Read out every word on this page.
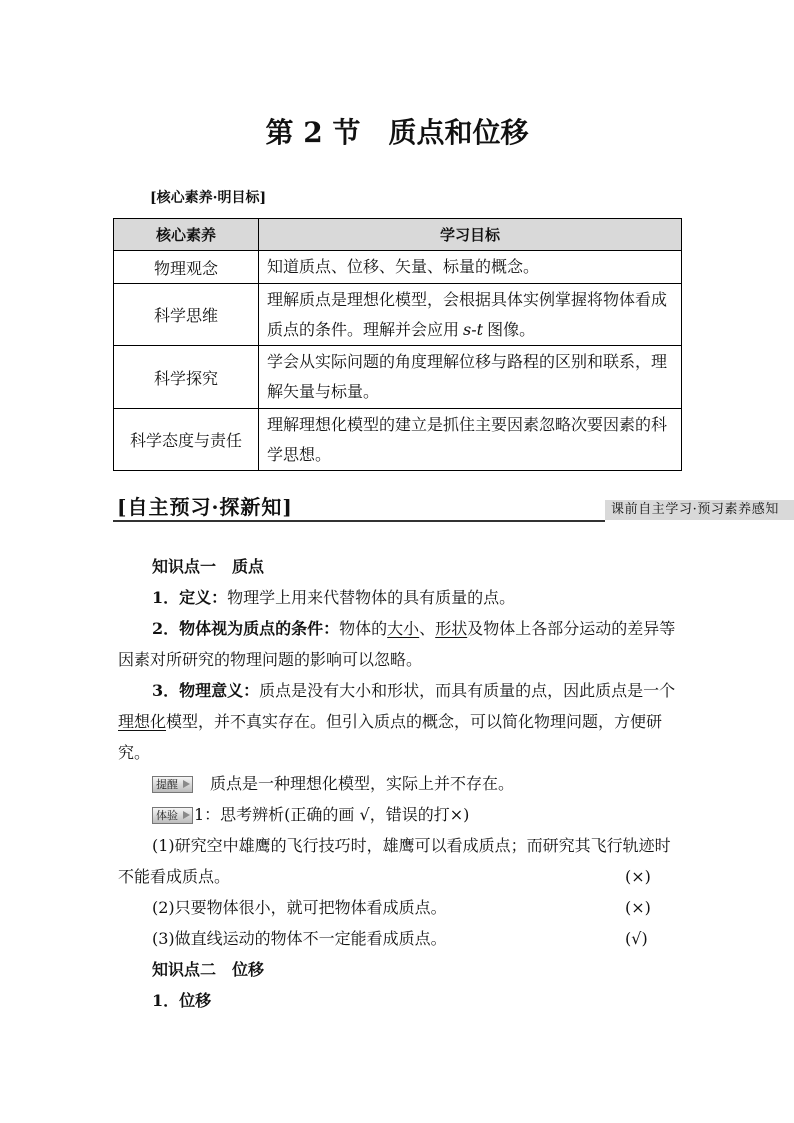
第 2 节　质点和位移
[核心素养·明目标]
核心素养	学习目标
物理观念	知道质点、位移、矢量、标量的概念。

科学思维	理解质点是理想化模型，会根据具体实例掌握将物体看成
质点的条件。理解并会应用 s-t 图像。

科学探究	学会从实际问题的角度理解位移与路程的区别和联系，理
解矢量与标量。

科学态度与责任	理解理想化模型的建立是抓住主要因素忽略次要因素的科
学思想。
[自主预习·探新知]	课前自主学习·预习素养感知
知识点一　质点
1．定义：物理学上用来代替物体的具有质量的点。
2．物体视为质点的条件：物体的大小、形状及物体上各部分运动的差异等
因素对所研究的物理问题的影响可以忽略。
3．物理意义：质点是没有大小和形状，而具有质量的点，因此质点是一个
理想化模型，并不真实存在。但引入质点的概念，可以简化物理问题，方便研
究。
提醒 质点是一种理想化模型，实际上并不存在。
体验 1：思考辨析(正确的画 √，错误的打×)
(1)研究空中雄鹰的飞行技巧时，雄鹰可以看成质点；而研究其飞行轨迹时
不能看成质点。	(×)
(2)只要物体很小，就可把物体看成质点。	(×)
(3)做直线运动的物体不一定能看成质点。	(√)
知识点二　位移
1．位移
